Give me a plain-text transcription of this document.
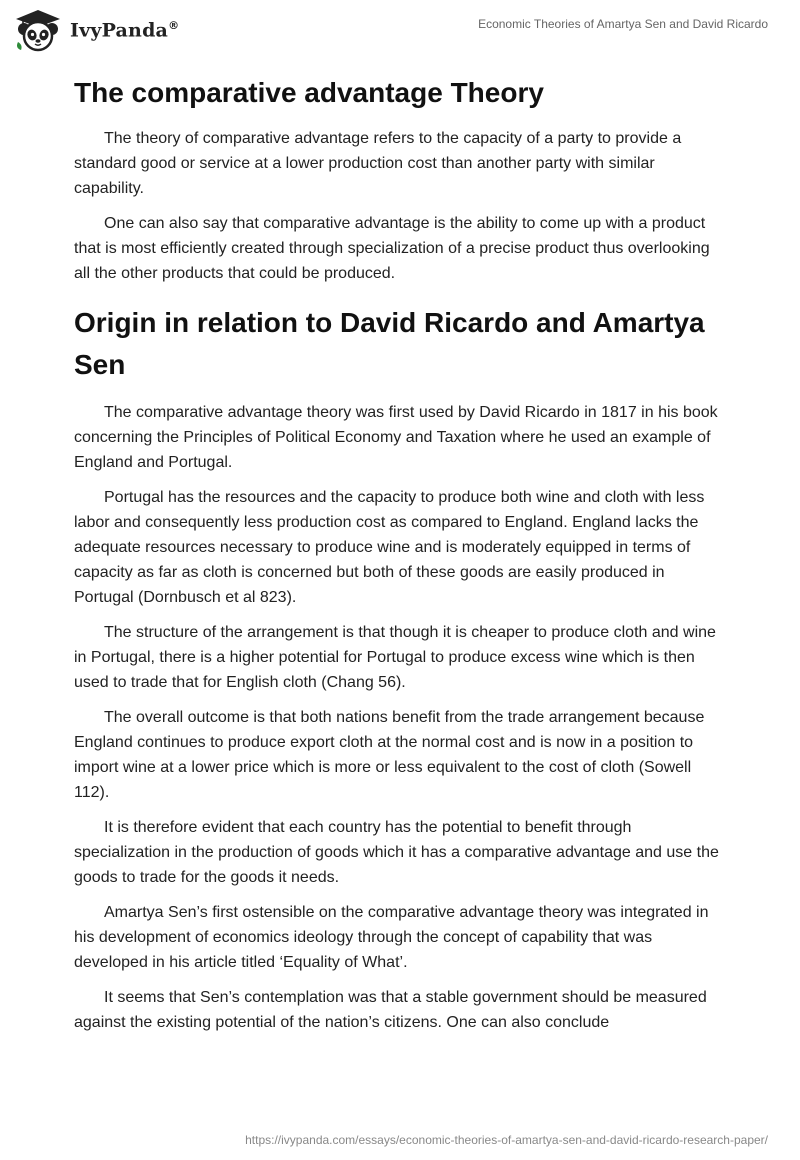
IvyPanda®	Economic Theories of Amartya Sen and David Ricardo
The comparative advantage Theory

The theory of comparative advantage refers to the capacity of a party to provide a standard good or service at a lower production cost than another party with similar capability.

One can also say that comparative advantage is the ability to come up with a product that is most efficiently created through specialization of a precise product thus overlooking all the other products that could be produced.

Origin in relation to David Ricardo and Amartya Sen

The comparative advantage theory was first used by David Ricardo in 1817 in his book concerning the Principles of Political Economy and Taxation where he used an example of England and Portugal.

Portugal has the resources and the capacity to produce both wine and cloth with less labor and consequently less production cost as compared to England. England lacks the adequate resources necessary to produce wine and is moderately equipped in terms of capacity as far as cloth is concerned but both of these goods are easily produced in Portugal (Dornbusch et al 823).

The structure of the arrangement is that though it is cheaper to produce cloth and wine in Portugal, there is a higher potential for Portugal to produce excess wine which is then used to trade that for English cloth (Chang 56).

The overall outcome is that both nations benefit from the trade arrangement because England continues to produce export cloth at the normal cost and is now in a position to import wine at a lower price which is more or less equivalent to the cost of cloth (Sowell 112).

It is therefore evident that each country has the potential to benefit through specialization in the production of goods which it has a comparative advantage and use the goods to trade for the goods it needs.

Amartya Sen’s first ostensible on the comparative advantage theory was integrated in his development of economics ideology through the concept of capability that was developed in his article titled ‘Equality of What’.

It seems that Sen’s contemplation was that a stable government should be measured against the existing potential of the nation’s citizens. One can also conclude

https://ivypanda.com/essays/economic-theories-of-amartya-sen-and-david-ricardo-research-paper/
